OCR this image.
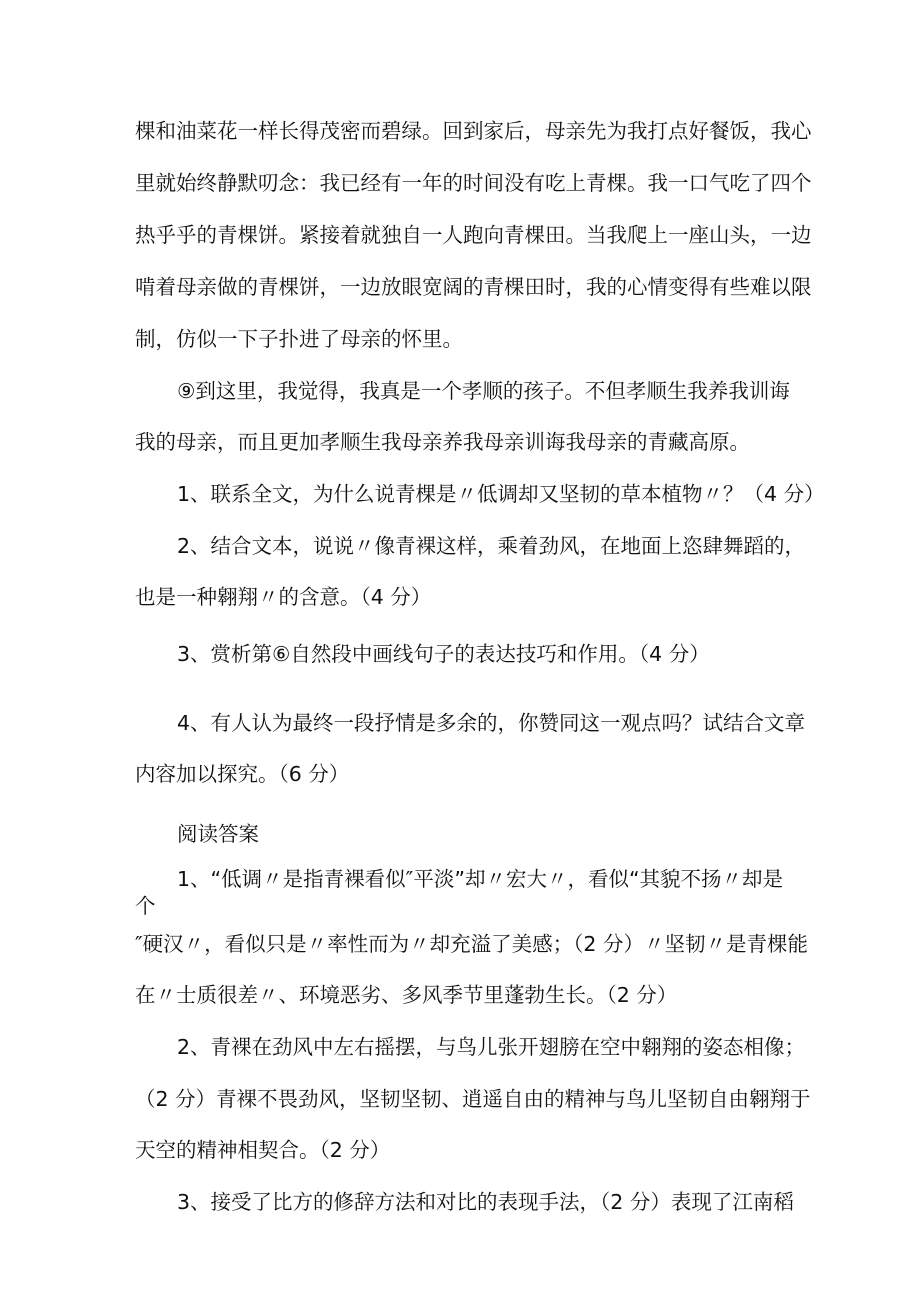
棵和油菜花一样长得茂密而碧绿。回到家后，母亲先为我打点好餐饭，我心
里就始终静默叨念：我已经有一年的时间没有吃上青棵。我一口气吃了四个
热乎乎的青棵饼。紧接着就独自一人跑向青棵田。当我爬上一座山头，一边
啃着母亲做的青棵饼，一边放眼宽阔的青棵田时，我的心情变得有些难以限
制，仿似一下子扑进了母亲的怀里。
⑨到这里，我觉得，我真是一个孝顺的孩子。不但孝顺生我养我训诲
我的母亲，而且更加孝顺生我母亲养我母亲训诲我母亲的青藏高原。
1、联系全文，为什么说青棵是〃低调却又坚韧的草本植物〃？（4 分）
2、结合文本，说说〃像青裸这样，乘着劲风，在地面上恣肆舞蹈的，
也是一种翱翔〃的含意。（4 分）
3、赏析第⑥自然段中画线句子的表达技巧和作用。（4 分）
4、有人认为最终一段抒情是多余的，你赞同这一观点吗？试结合文章
内容加以探究。（6 分）
阅读答案
1、“低调〃是指青裸看似″平淡”却〃宏大〃，看似“其貌不扬〃却是
个
″硬汉〃，看似只是〃率性而为〃却充溢了美感；（2 分）〃坚韧〃是青棵能
在〃士质很差〃、环境恶劣、多风季节里蓬勃生长。（2 分）
2、青裸在劲风中左右摇摆，与鸟儿张开翅膀在空中翱翔的姿态相像；
（2 分）青裸不畏劲风，坚韧坚韧、逍遥自由的精神与鸟儿坚韧自由翱翔于
天空的精神相契合。（2 分）
3、接受了比方的修辞方法和对比的表现手法，（2 分）表现了江南稻
